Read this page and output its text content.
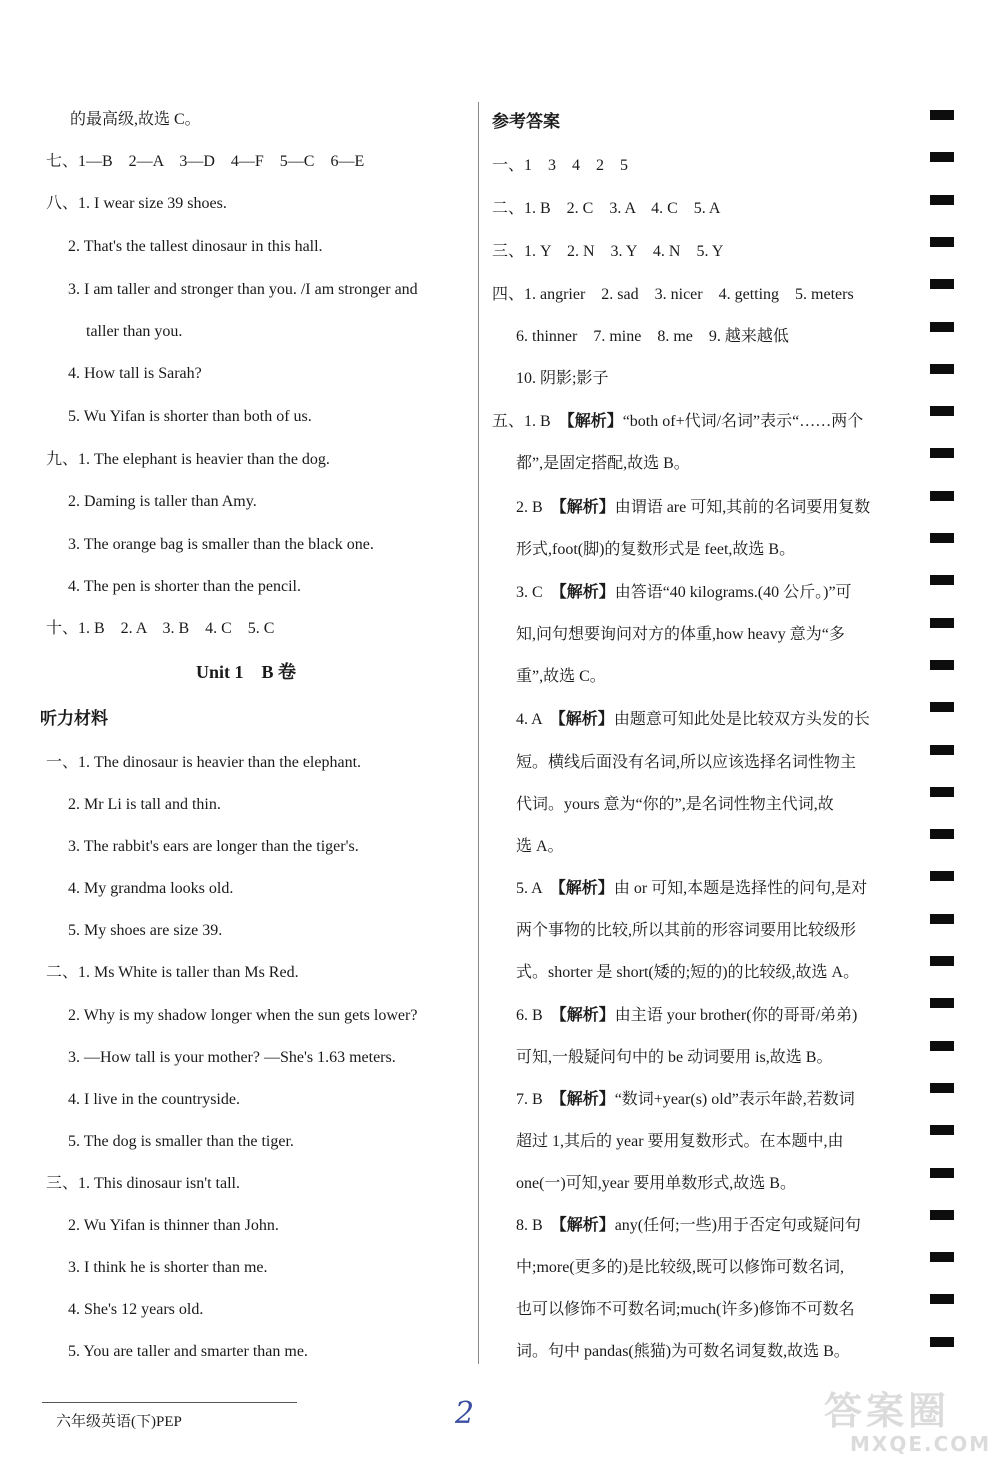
的最高级,故选 C。
七、1—B　2—A　3—D　4—F　5—C　6—E
八、1. I wear size 39 shoes.
2. That's the tallest dinosaur in this hall.
3. I am taller and stronger than you. /I am stronger and
taller than you.
4. How tall is Sarah?
5. Wu Yifan is shorter than both of us.
九、1. The elephant is heavier than the dog.
2. Daming is taller than Amy.
3. The orange bag is smaller than the black one.
4. The pen is shorter than the pencil.
十、1. B　2. A　3. B　4. C　5. C
Unit 1　B 卷
听力材料
一、1. The dinosaur is heavier than the elephant.
2. Mr Li is tall and thin.
3. The rabbit's ears are longer than the tiger's.
4. My grandma looks old.
5. My shoes are size 39.
二、1. Ms White is taller than Ms Red.
2. Why is my shadow longer when the sun gets lower?
3. —How tall is your mother? —She's 1.63 meters.
4. I live in the countryside.
5. The dog is smaller than the tiger.
三、1. This dinosaur isn't tall.
2. Wu Yifan is thinner than John.
3. I think he is shorter than me.
4. She's 12 years old.
5. You are taller and smarter than me.
参考答案
一、1　3　4　2　5
二、1. B　2. C　3. A　4. C　5. A
三、1. Y　2. N　3. Y　4. N　5. Y
四、1. angrier　2. sad　3. nicer　4. getting　5. meters
6. thinner　7. mine　8. me　9. 越来越低
10. 阴影;影子
五、1. B　【解析】“both of+代词/名词”表示“……两个
都”,是固定搭配,故选 B。
2. B　【解析】由谓语 are 可知,其前的名词要用复数
形式,foot(脚)的复数形式是 feet,故选 B。
3. C　【解析】由答语“40 kilograms.(40 公斤。)”可
知,问句想要询问对方的体重,how heavy 意为“多
重”,故选 C。
4. A　【解析】由题意可知此处是比较双方头发的长
短。横线后面没有名词,所以应该选择名词性物主
代词。yours 意为“你的”,是名词性物主代词,故
选 A。
5. A　【解析】由 or 可知,本题是选择性的问句,是对
两个事物的比较,所以其前的形容词要用比较级形
式。shorter 是 short(矮的;短的)的比较级,故选 A。
6. B　【解析】由主语 your brother(你的哥哥/弟弟)
可知,一般疑问句中的 be 动词要用 is,故选 B。
7. B　【解析】“数词+year(s) old”表示年龄,若数词
超过 1,其后的 year 要用复数形式。在本题中,由
one(一)可知,year 要用单数形式,故选 B。
8. B　【解析】any(任何;一些)用于否定句或疑问句
中;more(更多的)是比较级,既可以修饰可数名词,
也可以修饰不可数名词;much(许多)修饰不可数名
词。句中 pandas(熊猫)为可数名词复数,故选 B。
六年级英语(下)PEP	2	答案圈
MXQE.COM
